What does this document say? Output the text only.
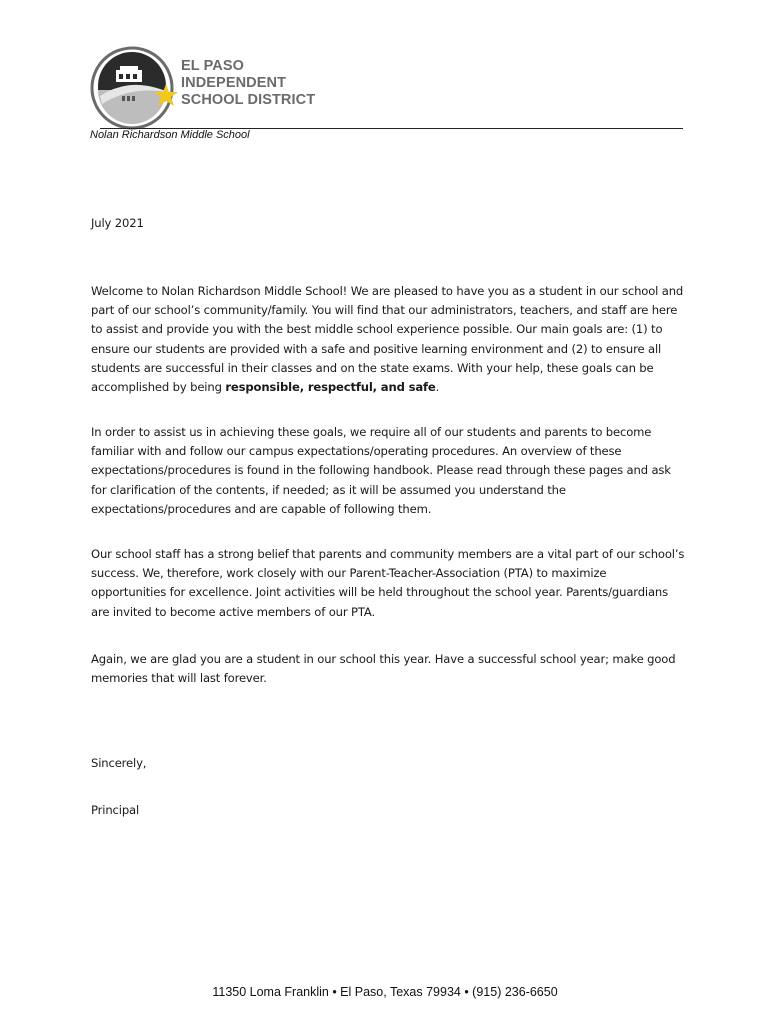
EL PASO
INDEPENDENT
SCHOOL DISTRICT
Nolan Richardson Middle School
July 2021
Welcome to Nolan Richardson Middle School! We are pleased to have you as a student in our school and
part of our school’s community/family. You will find that our administrators, teachers, and staff are here
to assist and provide you with the best middle school experience possible. Our main goals are: (1) to
ensure our students are provided with a safe and positive learning environment and (2) to ensure all
students are successful in their classes and on the state exams. With your help, these goals can be
accomplished by being responsible, respectful, and safe.
In order to assist us in achieving these goals, we require all of our students and parents to become
familiar with and follow our campus expectations/operating procedures. An overview of these
expectations/procedures is found in the following handbook. Please read through these pages and ask
for clarification of the contents, if needed; as it will be assumed you understand the
expectations/procedures and are capable of following them.
Our school staff has a strong belief that parents and community members are a vital part of our school’s
success. We, therefore, work closely with our Parent-Teacher-Association (PTA) to maximize
opportunities for excellence. Joint activities will be held throughout the school year. Parents/guardians
are invited to become active members of our PTA.
Again, we are glad you are a student in our school this year. Have a successful school year; make good
memories that will last forever.
Sincerely,
Principal
11350 Loma Franklin • El Paso, Texas 79934 • (915) 236-6650
